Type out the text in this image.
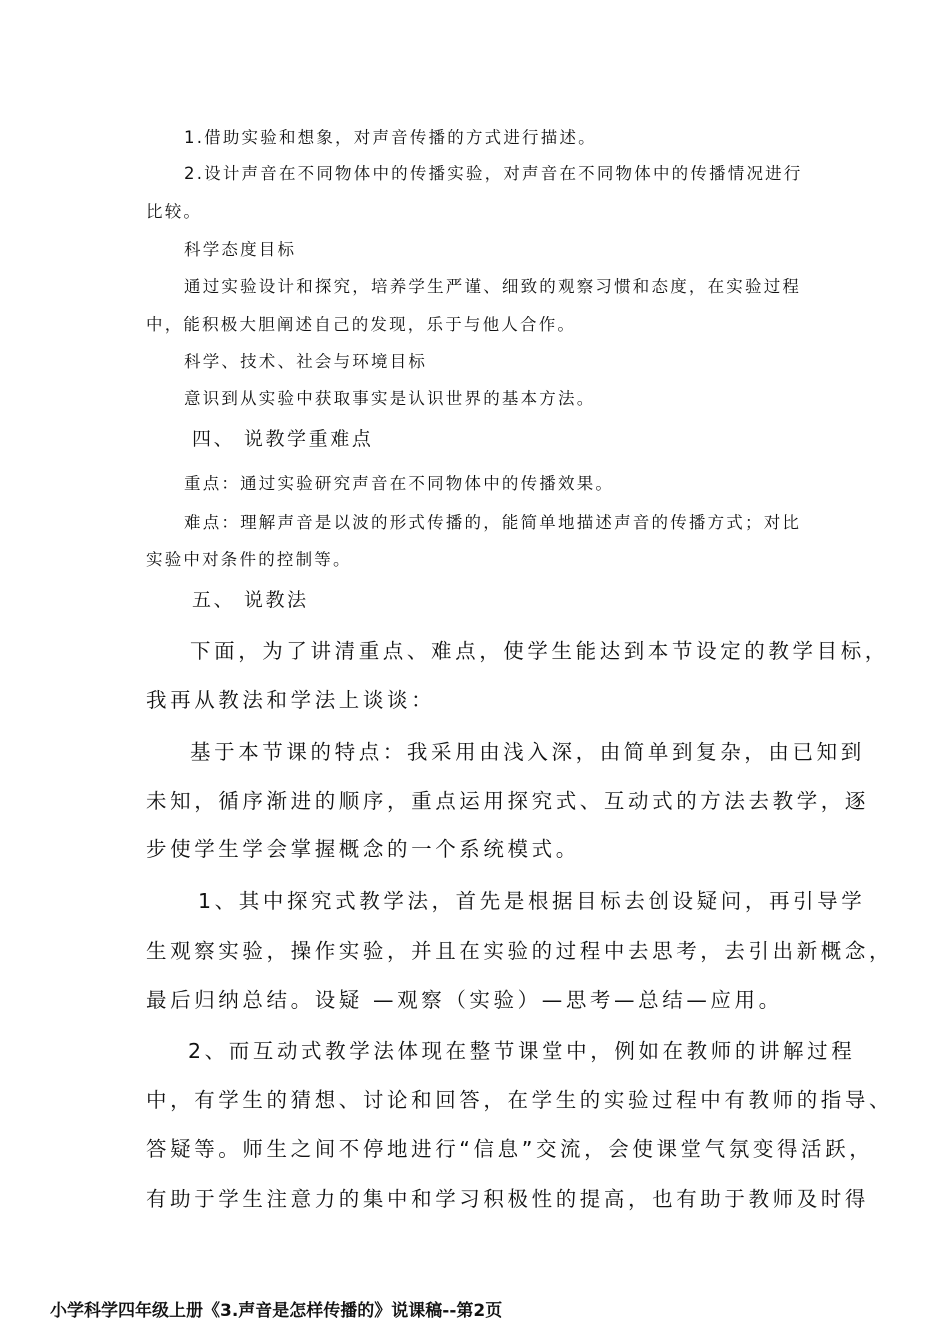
1.借助实验和想象，对声音传播的方式进行描述。

2.设计声音在不同物体中的传播实验，对声音在不同物体中的传播情况进行

比较。

科学态度目标

通过实验设计和探究，培养学生严谨、细致的观察习惯和态度，在实验过程

中，能积极大胆阐述自己的发现，乐于与他人合作。

科学、技术、社会与环境目标

意识到从实验中获取事实是认识世界的基本方法。

四、 说教学重难点

重点：通过实验研究声音在不同物体中的传播效果。

难点：理解声音是以波的形式传播的，能简单地描述声音的传播方式；对比

实验中对条件的控制等。

五、 说教法

下面，为了讲清重点、难点，使学生能达到本节设定的教学目标，

我再从教法和学法上谈谈：

基于本节课的特点：我采用由浅入深，由简单到复杂，由已知到

未知，循序渐进的顺序，重点运用探究式、互动式的方法去教学，逐

步使学生学会掌握概念的一个系统模式。

1、其中探究式教学法，首先是根据目标去创设疑问，再引导学

生观察实验，操作实验，并且在实验的过程中去思考，去引出新概念，

最后归纳总结。设疑 —观察（实验）—思考—总结—应用。

2、而互动式教学法体现在整节课堂中，例如在教师的讲解过程

中，有学生的猜想、讨论和回答，在学生的实验过程中有教师的指导、

答疑等。师生之间不停地进行“信息”交流，会使课堂气氛变得活跃，

有助于学生注意力的集中和学习积极性的提高，也有助于教师及时得

小学科学四年级上册《3.声音是怎样传播的》说课稿--第2页
